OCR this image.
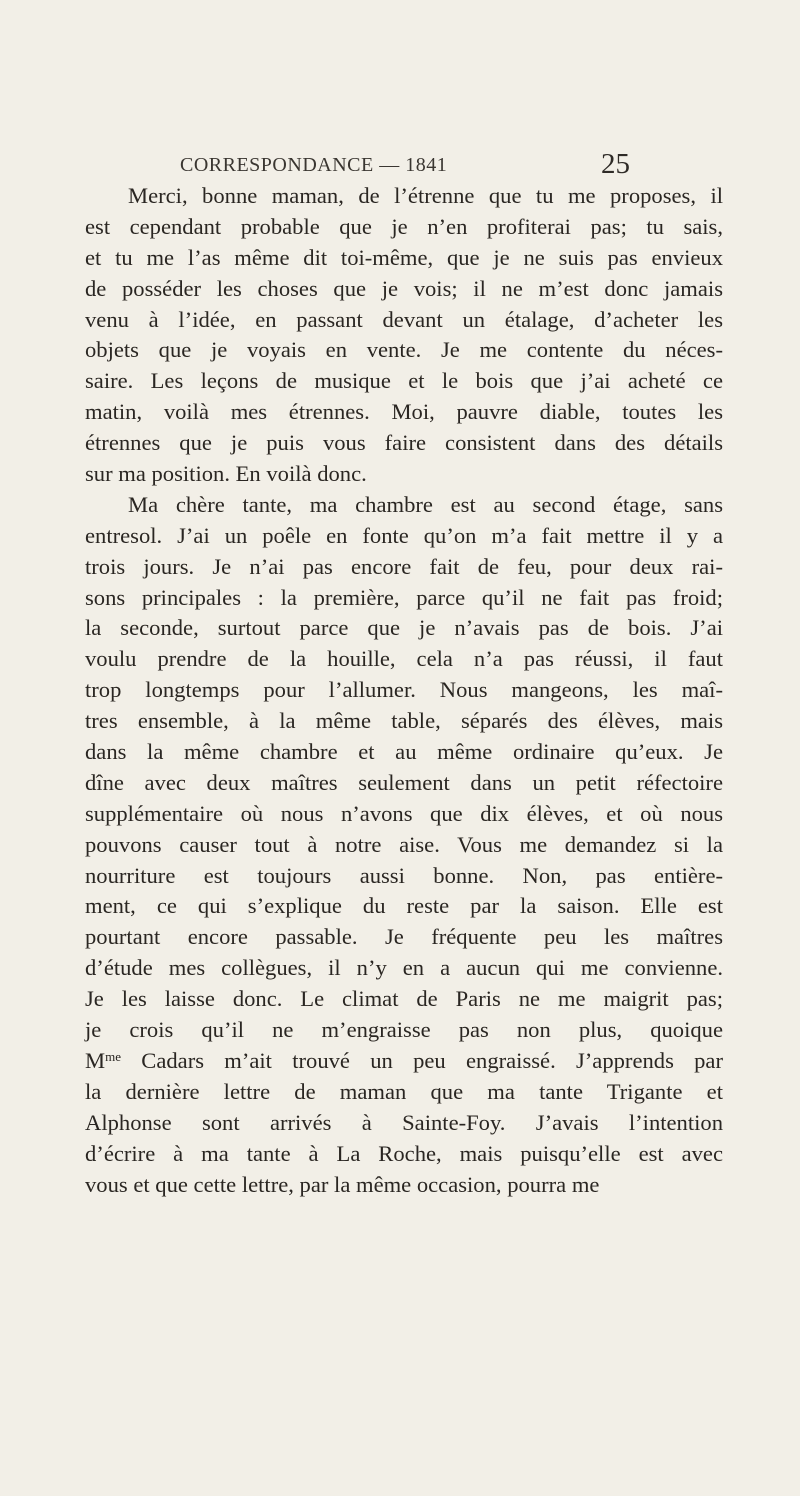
CORRESPONDANCE — 1841	25
Merci, bonne maman, de l’étrenne que tu me proposes, il
est cependant probable que je n’en profiterai pas; tu sais,
et tu me l’as même dit toi-même, que je ne suis pas envieux
de posséder les choses que je vois; il ne m’est donc jamais
venu à l’idée, en passant devant un étalage, d’acheter les
objets que je voyais en vente. Je me contente du néces-
saire. Les leçons de musique et le bois que j’ai acheté ce
matin, voilà mes étrennes. Moi, pauvre diable, toutes les
étrennes que je puis vous faire consistent dans des détails
sur ma position. En voilà donc.
Ma chère tante, ma chambre est au second étage, sans
entresol. J’ai un poêle en fonte qu’on m’a fait mettre il y a
trois jours. Je n’ai pas encore fait de feu, pour deux rai-
sons principales : la première, parce qu’il ne fait pas froid;
la seconde, surtout parce que je n’avais pas de bois. J’ai
voulu prendre de la houille, cela n’a pas réussi, il faut
trop longtemps pour l’allumer. Nous mangeons, les maî-
tres ensemble, à la même table, séparés des élèves, mais
dans la même chambre et au même ordinaire qu’eux. Je
dîne avec deux maîtres seulement dans un petit réfectoire
supplémentaire où nous n’avons que dix élèves, et où nous
pouvons causer tout à notre aise. Vous me demandez si la
nourriture est toujours aussi bonne. Non, pas entière-
ment, ce qui s’explique du reste par la saison. Elle est
pourtant encore passable. Je fréquente peu les maîtres
d’étude mes collègues, il n’y en a aucun qui me convienne.
Je les laisse donc. Le climat de Paris ne me maigrit pas;
je crois qu’il ne m’engraisse pas non plus, quoique
$M^{me}$ Cadars m’ait trouvé un peu engraissé. J’apprends par
la dernière lettre de maman que ma tante Trigante et
Alphonse sont arrivés à Sainte-Foy. J’avais l’intention
d’écrire à ma tante à La Roche, mais puisqu’elle est avec
vous et que cette lettre, par la même occasion, pourra me
